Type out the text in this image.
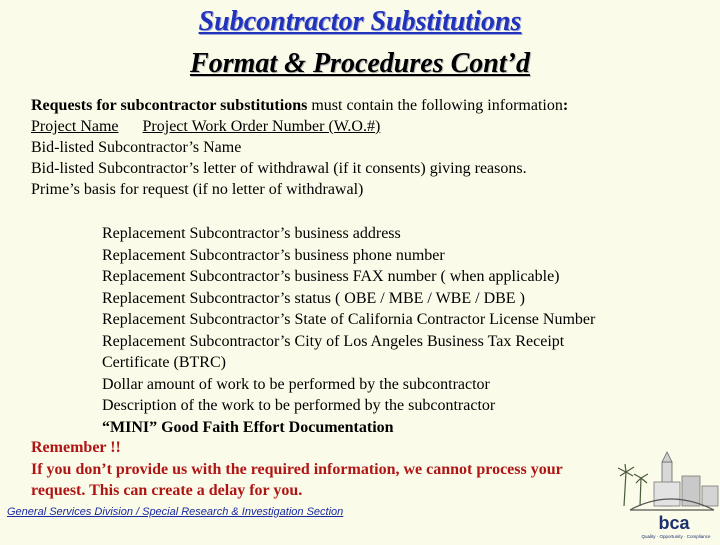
Subcontractor Substitutions
Format & Procedures Cont’d
Requests for subcontractor substitutions must contain the following information:
Project Name Project Work Order Number (W.O.#)
Bid-listed Subcontractor’s Name
Bid-listed Subcontractor’s letter of withdrawal (if it consents) giving reasons.
Prime’s basis for request (if no letter of withdrawal)
Replacement Subcontractor’s business address
Replacement Subcontractor’s business phone number
Replacement Subcontractor’s business FAX number ( when applicable)
Replacement Subcontractor’s status ( OBE / MBE / WBE / DBE )
Replacement Subcontractor’s State of California Contractor License Number
Replacement Subcontractor’s City of Los Angeles Business Tax Receipt
Certificate (BTRC)
Dollar amount of work to be performed by the subcontractor
Description of the work to be performed by the subcontractor
“MINI” Good Faith Effort Documentation
Remember !!
If you don’t provide us with the required information, we cannot process your
request. This can create a delay for you.
General Services Division / Special Research & Investigation Section
bca
Quality · Opportunity · Compliance
